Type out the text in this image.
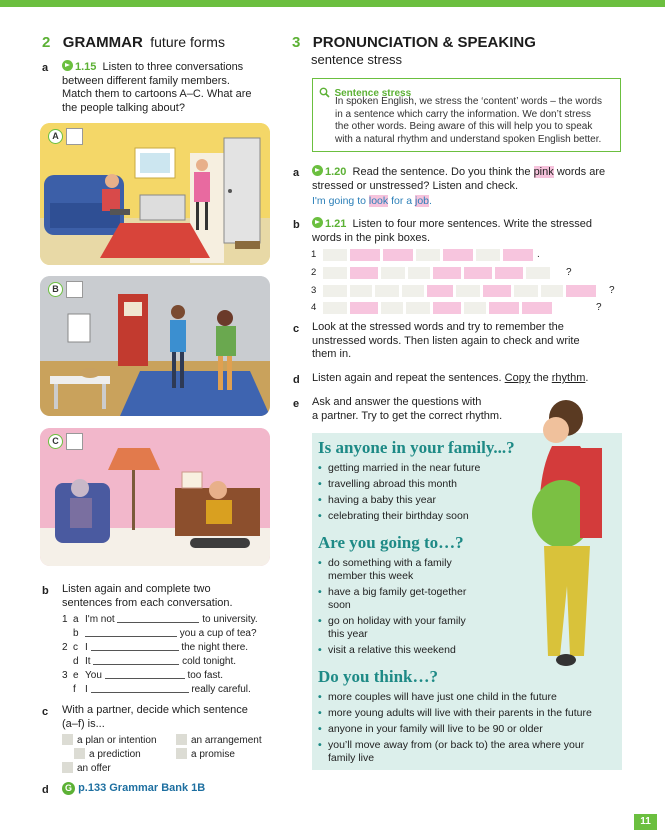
2 GRAMMAR future forms
a	1.15 Listen to three conversations
between different family members.
Match them to cartoons A–C. What are
the people talking about?
A
B
C
b Listen again and complete two
sentences from each conversation.
1 a I'm not	to university.
b	you a cup of tea?
2 c I	the night there.
d It	cold tonight.
3 e You	too fast.
f I	really careful.
c With a partner, decide which sentence
(a–f) is...
a plan or intention	an arrangement
a prediction	a promise
an offer
d	G p.133 Grammar Bank 1B
3 PRONUNCIATION & SPEAKING
sentence stress
Sentence stress
In spoken English, we stress the ‘content’ words – the words
in a sentence which carry the information. We don’t stress
the other words. Being aware of this will help you to speak
with a natural rhythm and understand spoken English better.
a	1.20 Read the sentence. Do you think the pink words are
stressed or unstressed? Listen and check.
I'm going to look for a job.
b	1.21 Listen to four more sentences. Write the stressed
words in the pink boxes.
1	.
2	?
3	?
4	?
c Look at the stressed words and try to remember the
unstressed words. Then listen again to check and write
them in.
d Listen again and repeat the sentences. Copy the rhythm.
e Ask and answer the questions with
a partner. Try to get the correct rhythm.
Is anyone in your family...?
• getting married in the near future
• travelling abroad this month
• having a baby this year
• celebrating their birthday soon
Are you going to…?
• do something with a family
member this week
• have a big family get-together
soon
• go on holiday with your family
this year
• visit a relative this weekend
Do you think…?
• more couples will have just one child in the future
• more young adults will live with their parents in the future
• anyone in your family will live to be 90 or older
• you’ll move away from (or back to) the area where your
family live
11
